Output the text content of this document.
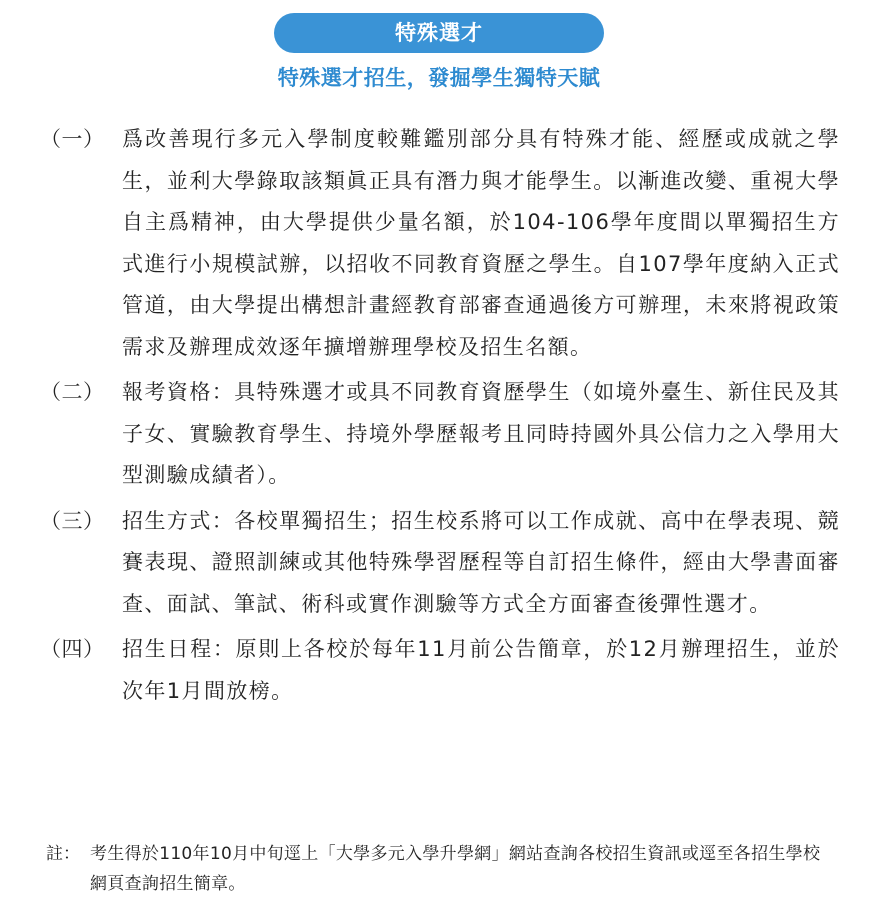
特殊選才
特殊選才招生，發掘學生獨特天賦
（一） 爲改善現行多元入學制度較難鑑別部分具有特殊才能、經歷或成就之學生，並利大學錄取該類眞正具有潛力與才能學生。以漸進改變、重視大學自主爲精神，由大學提供少量名額，於104-106學年度間以單獨招生方式進行小規模試辦，以招收不同教育資歷之學生。自107學年度納入正式管道，由大學提出構想計畫經教育部審查通過後方可辦理，未來將視政策需求及辦理成效逐年擴增辦理學校及招生名額。
（二） 報考資格：具特殊選才或具不同教育資歷學生（如境外臺生、新住民及其子女、實驗教育學生、持境外學歷報考且同時持國外具公信力之入學用大型測驗成績者）。
（三） 招生方式：各校單獨招生；招生校系將可以工作成就、高中在學表現、競賽表現、證照訓練或其他特殊學習歷程等自訂招生條件，經由大學書面審查、面試、筆試、術科或實作測驗等方式全方面審查後彈性選才。
（四） 招生日程：原則上各校於每年11月前公告簡章，於12月辦理招生，並於次年1月間放榜。
註： 考生得於110年10月中旬逕上「大學多元入學升學網」網站查詢各校招生資訊或逕至各招生學校網頁查詢招生簡章。
